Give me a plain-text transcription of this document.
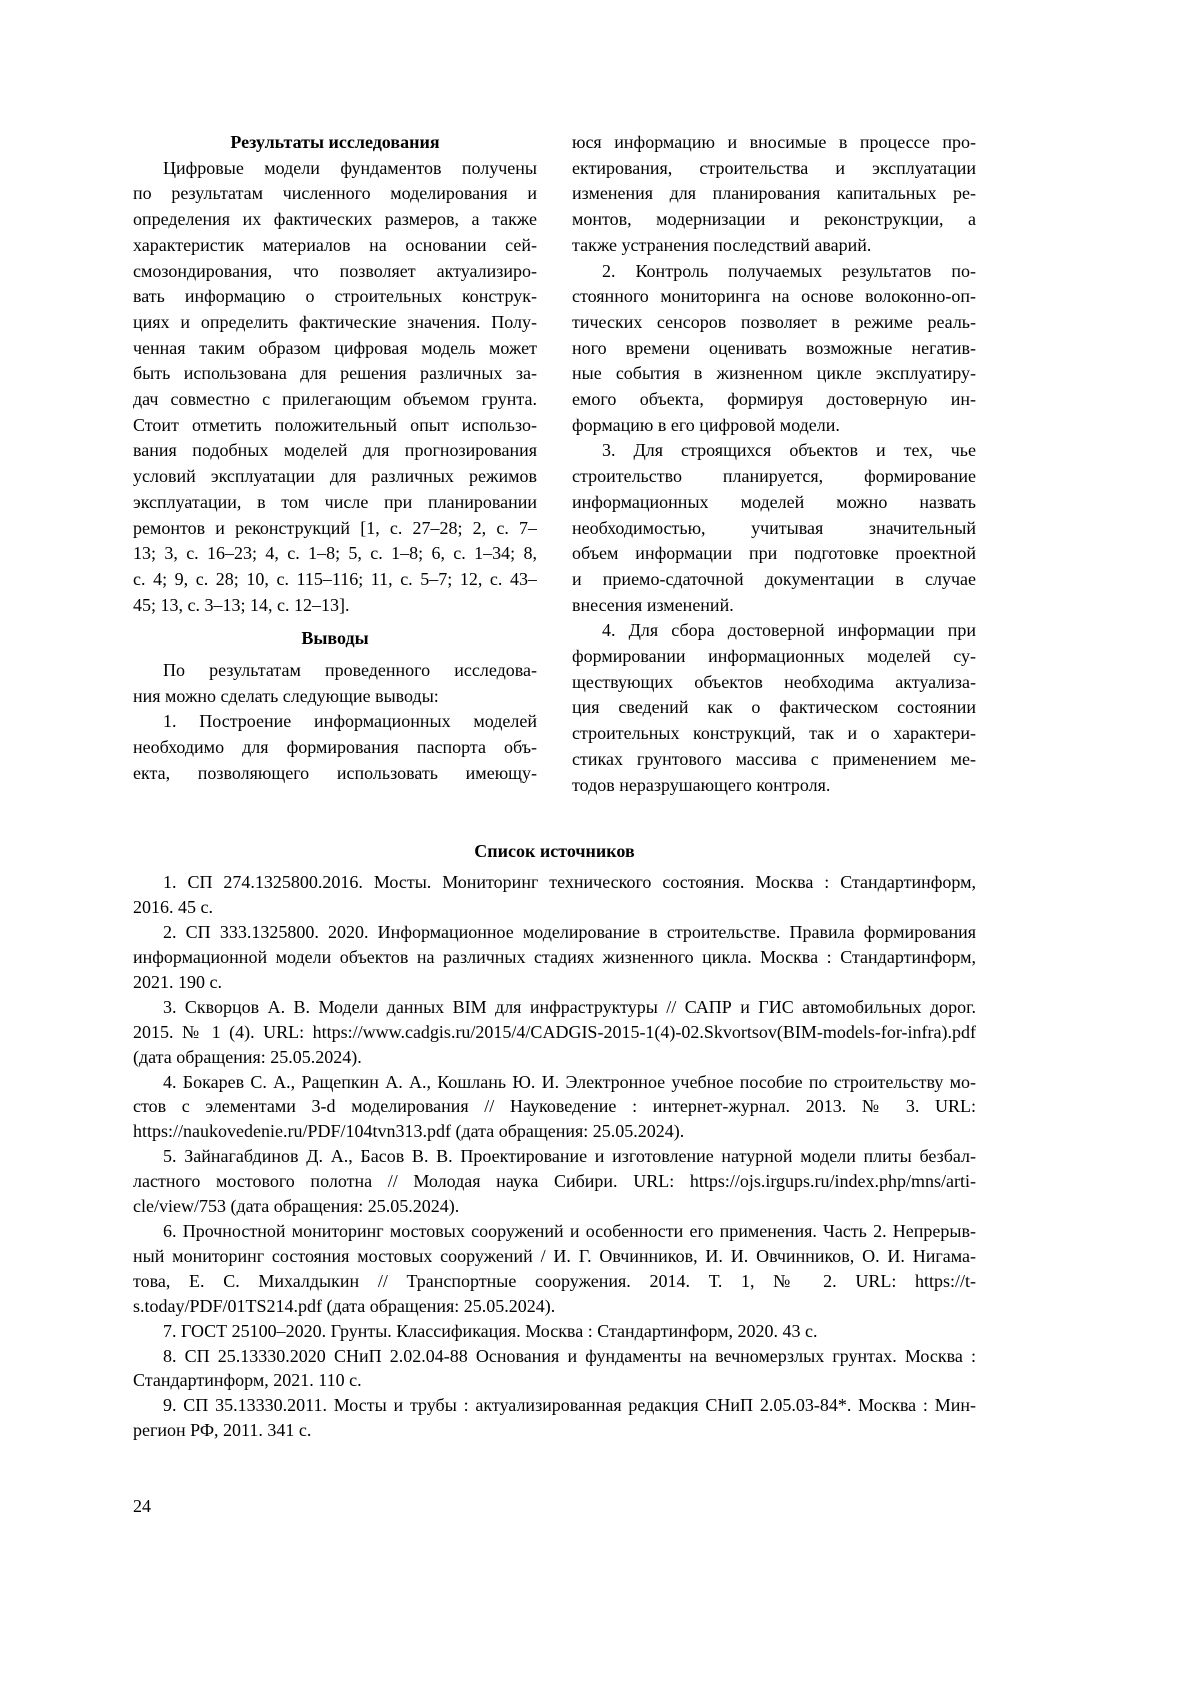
Результаты исследования
Цифровые модели фундаментов получены
по результатам численного моделирования и
определения их фактических размеров, а также
характеристик материалов на основании сей-
смозондирования, что позволяет актуализиро-
вать информацию о строительных конструк-
циях и определить фактические значения. Полу-
ченная таким образом цифровая модель может
быть использована для решения различных за-
дач совместно с прилегающим объемом грунта.
Стоит отметить положительный опыт использо-
вания подобных моделей для прогнозирования
условий эксплуатации для различных режимов
эксплуатации, в том числе при планировании
ремонтов и реконструкций [1, с. 27–28; 2, с. 7–
13; 3, с. 16–23; 4, с. 1–8; 5, с. 1–8; 6, с. 1–34; 8,
с. 4; 9, с. 28; 10, с. 115–116; 11, с. 5–7; 12, с. 43–
45; 13, с. 3–13; 14, с. 12–13].
Выводы
По результатам проведенного исследова-
ния можно сделать следующие выводы:
1. Построение информационных моделей
необходимо для формирования паспорта объ-
екта, позволяющего использовать имеющу-
юся информацию и вносимые в процессе про-
ектирования, строительства и эксплуатации
изменения для планирования капитальных ре-
монтов, модернизации и реконструкции, а
также устранения последствий аварий.
2. Контроль получаемых результатов по-
стоянного мониторинга на основе волоконно-оп-
тических сенсоров позволяет в режиме реаль-
ного времени оценивать возможные негатив-
ные события в жизненном цикле эксплуатиру-
емого объекта, формируя достоверную ин-
формацию в его цифровой модели.
3. Для строящихся объектов и тех, чье
строительство планируется, формирование
информационных моделей можно назвать
необходимостью, учитывая значительный
объем информации при подготовке проектной
и приемо-сдаточной документации в случае
внесения изменений.
4. Для сбора достоверной информации при
формировании информационных моделей су-
ществующих объектов необходима актуализа-
ция сведений как о фактическом состоянии
строительных конструкций, так и о характери-
стиках грунтового массива с применением ме-
тодов неразрушающего контроля.
Список источников
1. СП 274.1325800.2016. Мосты. Мониторинг технического состояния. Москва : Стандартинформ,
2016. 45 с.
2. СП 333.1325800. 2020. Информационное моделирование в строительстве. Правила формирования
информационной модели объектов на различных стадиях жизненного цикла. Москва : Стандартинформ,
2021. 190 с.
3. Скворцов А. В. Модели данных BIM для инфраструктуры // САПР и ГИС автомобильных дорог.
2015. № 1 (4). URL: https://www.cadgis.ru/2015/4/CADGIS-2015-1(4)-02.Skvortsov(BIM-models-for-infra).pdf
(дата обращения: 25.05.2024).
4. Бокарев С. А., Ращепкин А. А., Кошлань Ю. И. Электронное учебное пособие по строительству мо-
стов с элементами 3-d моделирования // Науковедение : интернет-журнал. 2013. № 3. URL:
https://naukovedenie.ru/PDF/104tvn313.pdf (дата обращения: 25.05.2024).
5. Зайнагабдинов Д. А., Басов В. В. Проектирование и изготовление натурной модели плиты безбал-
ластного мостового полотна // Молодая наука Сибири. URL: https://ojs.irgups.ru/index.php/mns/arti-
cle/view/753 (дата обращения: 25.05.2024).
6. Прочностной мониторинг мостовых сооружений и особенности его применения. Часть 2. Непрерыв-
ный мониторинг состояния мостовых сооружений / И. Г. Овчинников, И. И. Овчинников, О. И. Нигама-
това, Е. С. Михалдыкин // Транспортные сооружения. 2014. Т. 1, № 2. URL: https://t-
s.today/PDF/01TS214.pdf (дата обращения: 25.05.2024).
7. ГОСТ 25100–2020. Грунты. Классификация. Москва : Стандартинформ, 2020. 43 с.
8. СП 25.13330.2020 СНиП 2.02.04-88 Основания и фундаменты на вечномерзлых грунтах. Москва :
Стандартинформ, 2021. 110 с.
9. СП 35.13330.2011. Мосты и трубы : актуализированная редакция СНиП 2.05.03-84*. Москва : Мин-
регион РФ, 2011. 341 с.
24
